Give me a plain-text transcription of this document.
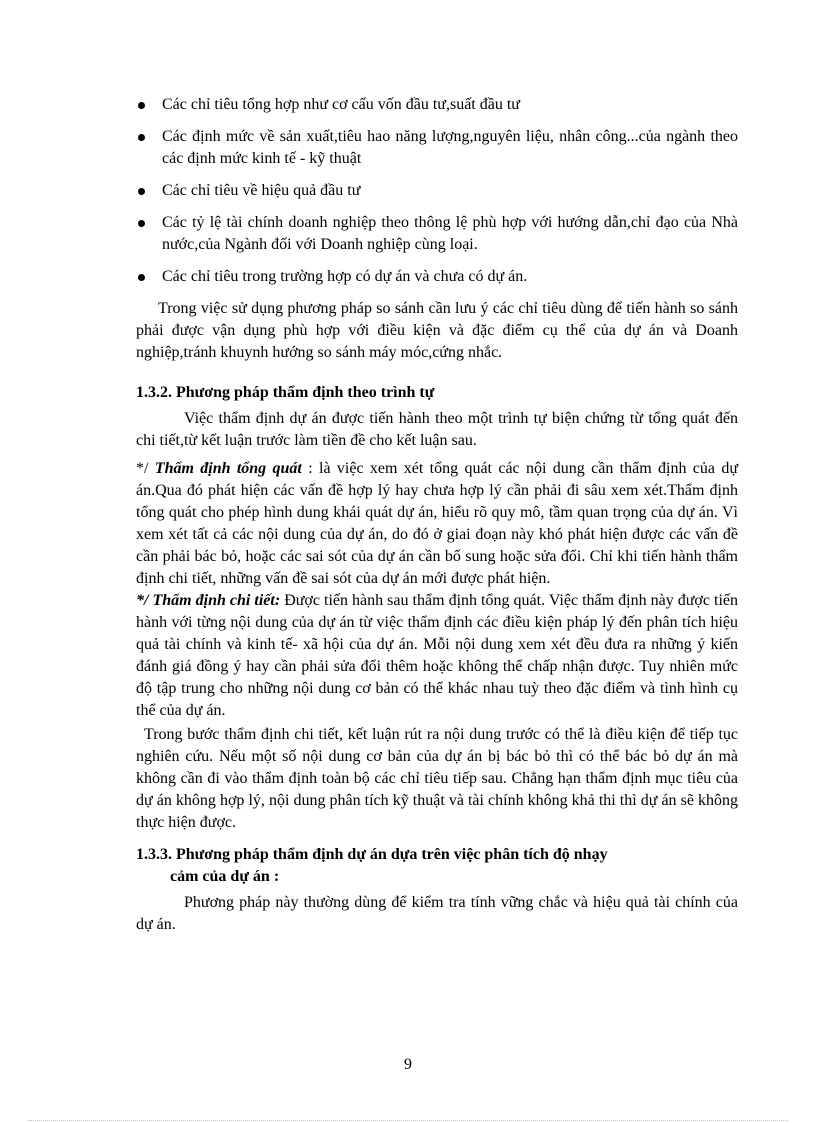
Các chỉ tiêu tổng hợp như cơ cấu vốn đầu tư,suất đầu tư
Các định mức về sản xuất,tiêu hao năng lượng,nguyên liệu, nhân công...của ngành theo các định mức kinh tế - kỹ thuật
Các chỉ tiêu về hiệu quả đầu tư
Các tỷ lệ tài chính doanh nghiệp theo thông lệ phù hợp với hướng dẫn,chỉ đạo của Nhà nước,của Ngành đối với Doanh nghiệp cùng loại.
Các chỉ tiêu trong trường hợp có dự án và chưa có dự án.

Trong việc sử dụng phương pháp so sánh cần lưu ý các chỉ tiêu dùng để tiến hành so sánh phải được vận dụng phù hợp với điều kiện và đặc điểm cụ thể của dự án và Doanh nghiệp,tránh khuynh hướng so sánh máy móc,cứng nhắc.

1.3.2. Phương pháp thẩm định theo trình tự

Việc thẩm định dự án được tiến hành theo một trình tự biện chứng từ tổng quát đến chi tiết,từ kết luận trước làm tiền đề cho kết luận sau.

*/ Thẩm định tổng quát : là việc xem xét tổng quát các nội dung cần thẩm định của dự án.Qua đó phát hiện các vấn đề hợp lý hay chưa hợp lý cần phải đi sâu xem xét.Thẩm định tổng quát cho phép hình dung khái quát dự án, hiểu rõ quy mô, tầm quan trọng của dự án. Vì xem xét tất cả các nội dung của dự án, do đó ở giai đoạn này khó phát hiện được các vấn đề cần phải bác bỏ, hoặc các sai sót của dự án cần bổ sung hoặc sửa đổi. Chỉ khi tiến hành thẩm định chi tiết, những vấn đề sai sót của dự án mới được phát hiện.

*/ Thẩm định chi tiết: Được tiến hành sau thẩm định tổng quát. Việc thẩm định này được tiến hành với từng nội dung của dự án từ việc thẩm định các điều kiện pháp lý đến phân tích hiệu quả tài chính và kinh tế- xã hội của dự án. Mỗi nội dung xem xét đều đưa ra những ý kiến đánh giá đồng ý hay cần phải sửa đổi thêm hoặc không thể chấp nhận được. Tuy nhiên mức độ tập trung cho những nội dung cơ bản có thể khác nhau tuỳ theo đặc điểm và tình hình cụ thể của dự án.

Trong bước thẩm định chi tiết, kết luận rút ra nội dung trước có thể là điều kiện để tiếp tục nghiên cứu. Nếu một số nội dung cơ bản của dự án bị bác bỏ thì có thể bác bỏ dự án mà không cần đi vào thẩm định toàn bộ các chỉ tiêu tiếp sau. Chẳng hạn thẩm định mục tiêu của dự án không hợp lý, nội dung phân tích kỹ thuật và tài chính không khả thi thì dự án sẽ không thực hiện được.

1.3.3. Phương pháp thẩm định dự án dựa trên việc phân tích độ nhạy
cảm của dự án :

Phương pháp này thường dùng để kiểm tra tính vững chắc và hiệu quả tài chính của dự án.

9
